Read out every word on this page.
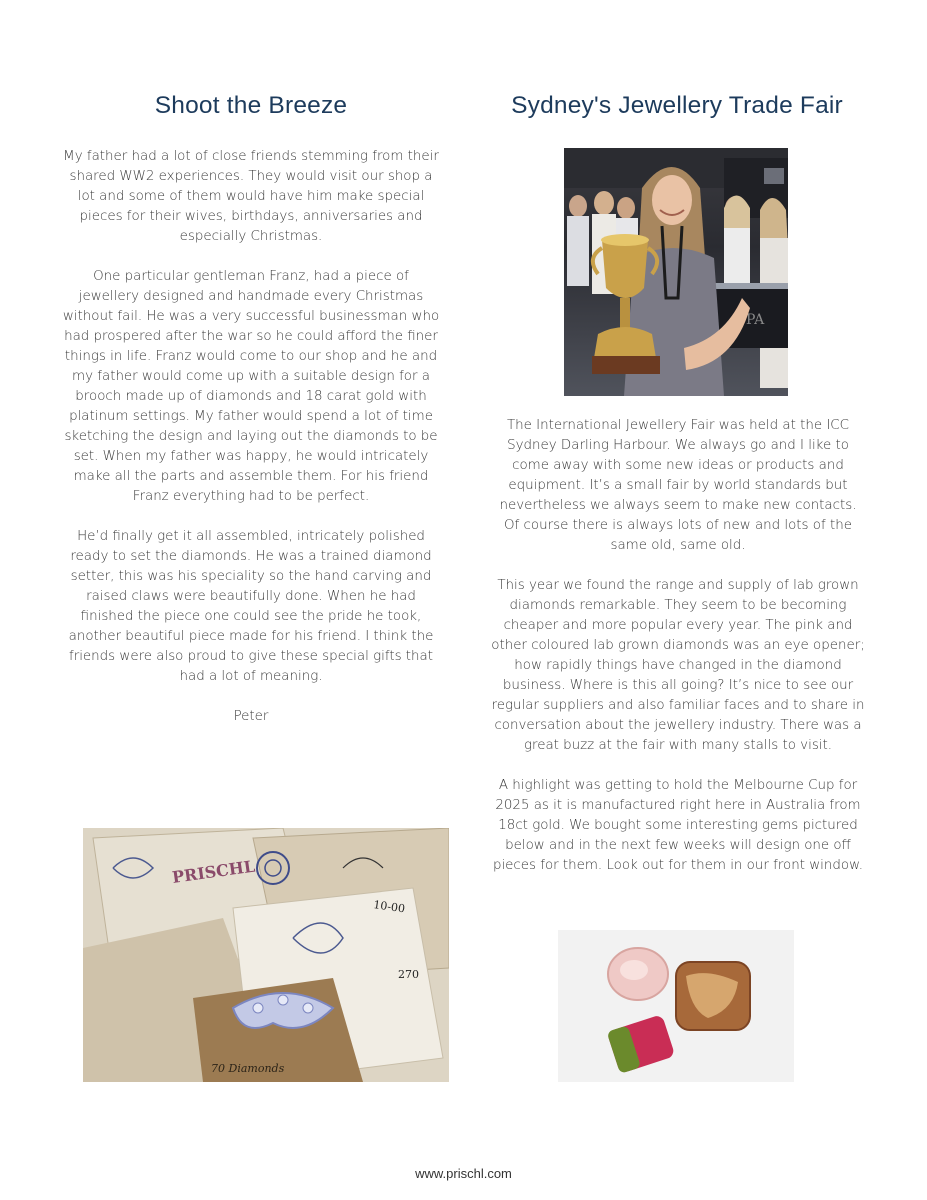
Shoot the Breeze

My father had a lot of close friends stemming from their shared WW2 experiences. They would visit our shop a lot and some of them would have him make special pieces for their wives, birthdays, anniversaries and especially Christmas.

One particular gentleman Franz, had a piece of jewellery designed and handmade every Christmas without fail. He was a very successful businessman who had prospered after the war so he could afford the finer things in life. Franz would come to our shop and he and my father would come up with a suitable design for a brooch made up of diamonds and 18 carat gold with platinum settings. My father would spend a lot of time sketching the design and laying out the diamonds to be set. When my father was happy, he would intricately make all the parts and assemble them. For his friend Franz everything had to be perfect.

He’d finally get it all assembled, intricately polished ready to set the diamonds. He was a trained diamond setter, this was his speciality so the hand carving and raised claws were beautifully done. When he had finished the piece one could see the pride he took, another beautiful piece made for his friend. I think the friends were also proud to give these special gifts that had a lot of meaning.

Peter

Sydney's Jewellery Trade Fair
PA

The International Jewellery Fair was held at the ICC Sydney Darling Harbour. We always go and I like to come away with some new ideas or products and equipment. It’s a small fair by world standards but nevertheless we always seem to make new contacts. Of course there is always lots of new and lots of the same old, same old.

This year we found the range and supply of lab grown diamonds remarkable. They seem to be becoming cheaper and more popular every year. The pink and other coloured lab grown diamonds was an eye opener; how rapidly things have changed in the diamond business. Where is this all going? It’s nice to see our regular suppliers and also familiar faces and to share in conversation about the jewellery industry. There was a great buzz at the fair with many stalls to visit.

A highlight was getting to hold the Melbourne Cup for 2025 as it is manufactured right here in Australia from 18ct gold. We bought some interesting gems pictured below and in the next few weeks will design one off pieces for them. Look out for them in our front window.

PRISCHL
10-00
270
70 Diamonds
www.prischl.com
